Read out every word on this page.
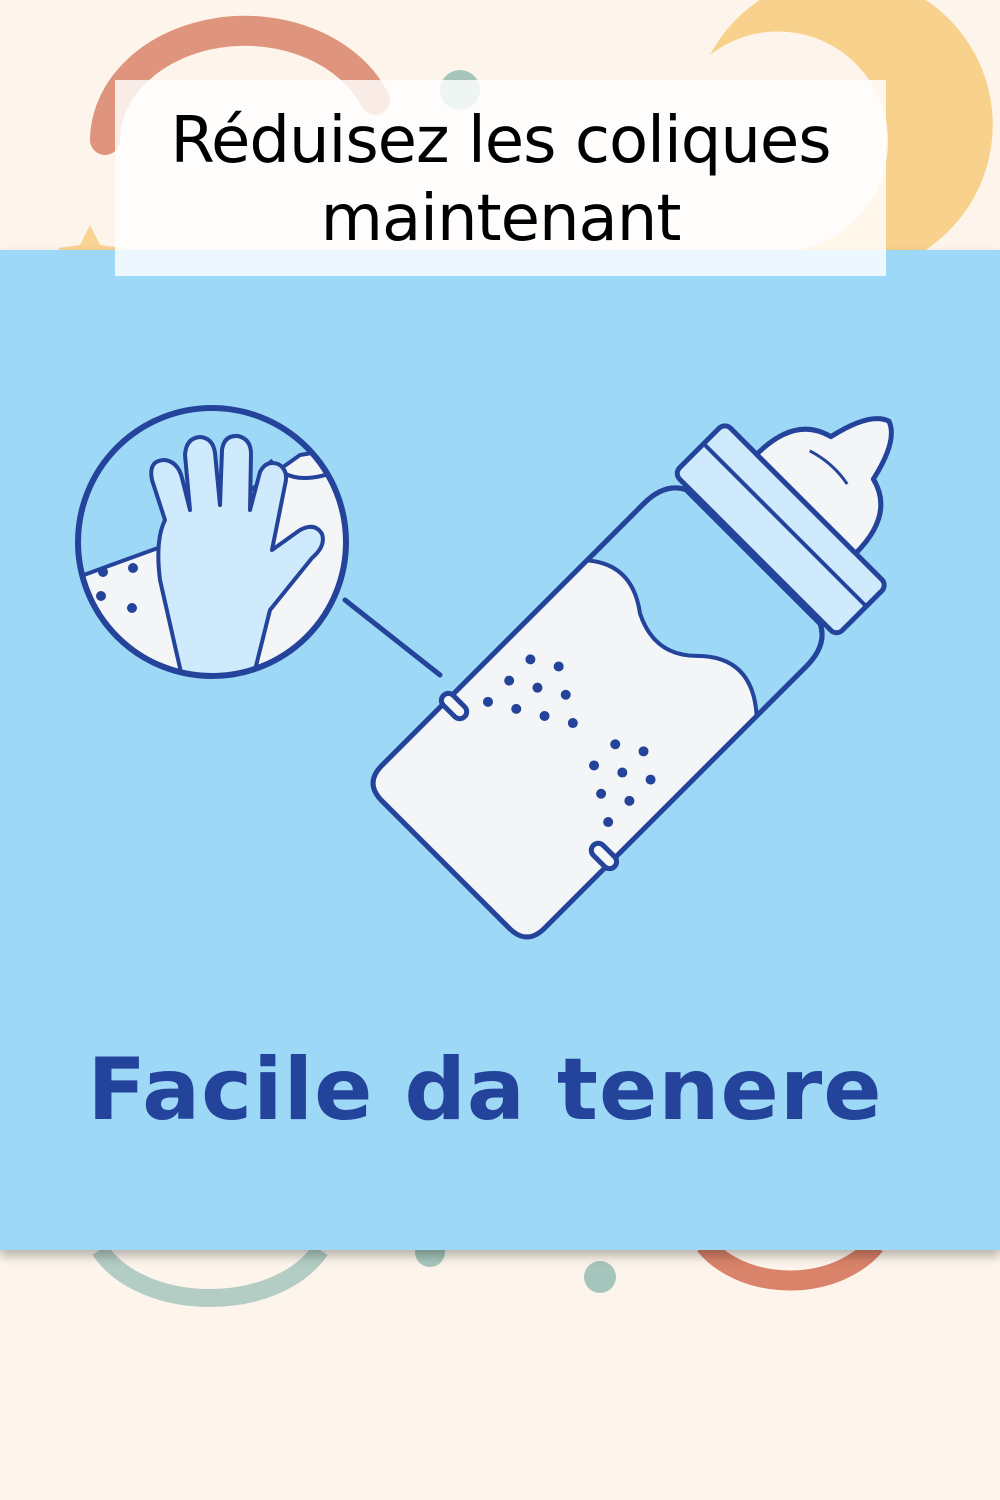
Réduisez les coliques maintenant

Facile da tenere
